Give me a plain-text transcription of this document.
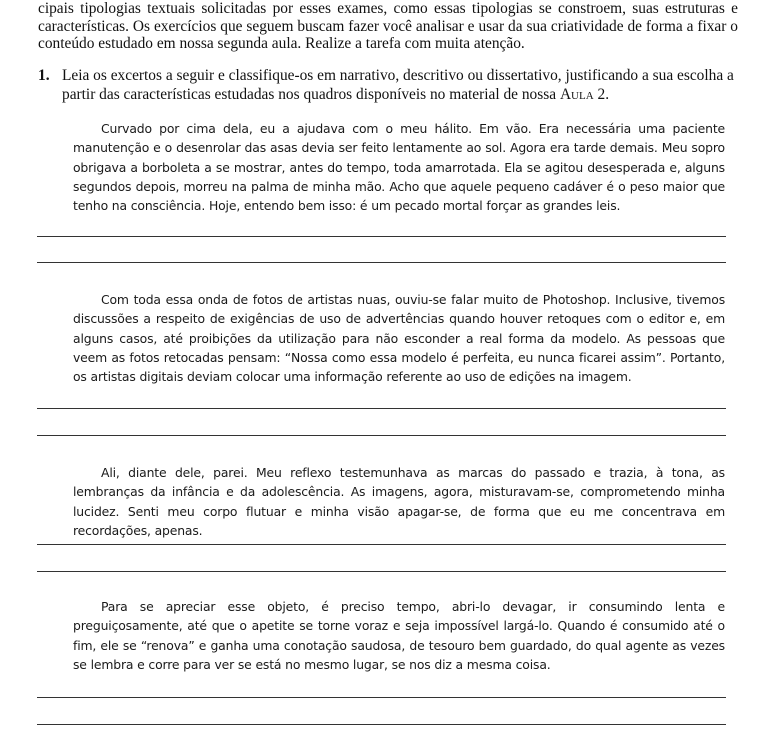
cipais tipologias textuais solicitadas por esses exames, como essas tipologias se constroem, suas estruturas e características. Os exercícios que seguem buscam fazer você analisar e usar da sua criatividade de forma a fixar o conteúdo estudado em nossa segunda aula. Realize a tarefa com muita atenção.

1. Leia os excertos a seguir e classifique-os em narrativo, descritivo ou dissertativo, justificando a sua escolha a partir das características estudadas nos quadros disponíveis no material de nossa Aula 2.
Curvado por cima dela, eu a ajudava com o meu hálito. Em vão. Era necessária uma paciente manutenção e o desenrolar das asas devia ser feito lentamente ao sol. Agora era tarde demais. Meu sopro obrigava a borboleta a se mostrar, antes do tempo, toda amarrotada. Ela se agitou desesperada e, alguns segundos depois, morreu na palma de minha mão. Acho que aquele pequeno cadáver é o peso maior que tenho na consciência. Hoje, entendo bem isso: é um pecado mortal forçar as grandes leis.
Com toda essa onda de fotos de artistas nuas, ouviu-se falar muito de Photoshop. Inclusive, tivemos discussões a respeito de exigências de uso de advertências quando houver retoques com o editor e, em alguns casos, até proibições da utilização para não esconder a real forma da modelo. As pessoas que veem as fotos retocadas pensam: “Nossa como essa modelo é perfeita, eu nunca ficarei assim”. Portanto, os artistas digitais deviam colocar uma informação referente ao uso de edições na imagem.
Ali, diante dele, parei. Meu reflexo testemunhava as marcas do passado e trazia, à tona, as lembranças da infância e da adolescência. As imagens, agora, misturavam-se, comprometendo minha lucidez. Senti meu corpo flutuar e minha visão apagar-se, de forma que eu me concentrava em recordações, apenas.
Para se apreciar esse objeto, é preciso tempo, abri-lo devagar, ir consumindo lenta e preguiçosamente, até que o apetite se torne voraz e seja impossível largá-lo. Quando é consumido até o fim, ele se “renova” e ganha uma conotação saudosa, de tesouro bem guardado, do qual agente as vezes se lembra e corre para ver se está no mesmo lugar, se nos diz a mesma coisa.
